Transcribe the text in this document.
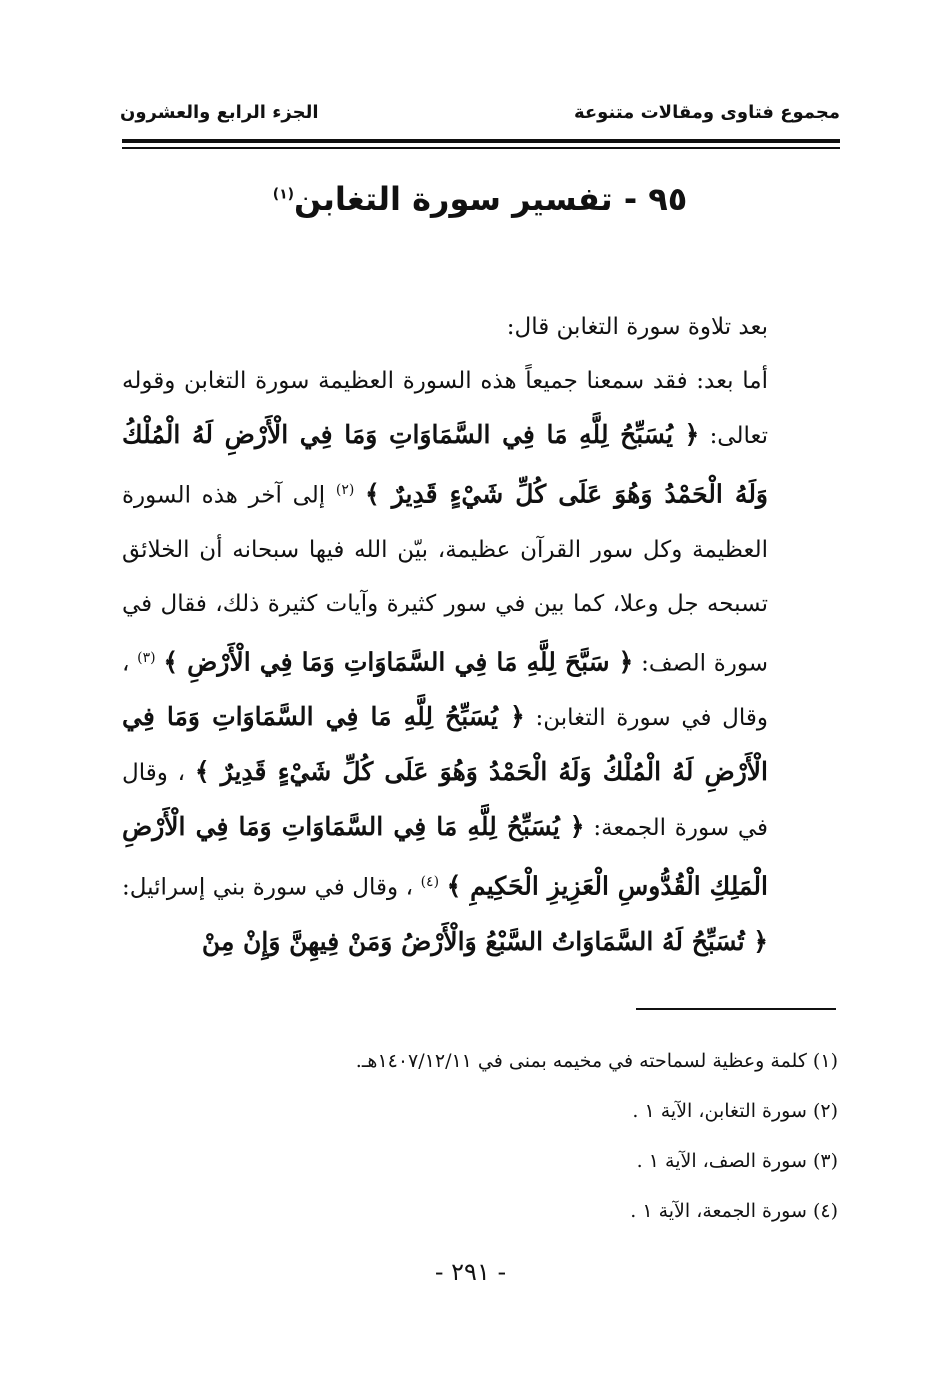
مجموع فتاوى ومقالات متنوعة
الجزء الرابع والعشرون
٩٥ - تفسير سورة التغابن$^{(١)}$

بعد تلاوة سورة التغابن قال:

أما بعد: فقد سمعنا جميعاً هذه السورة العظيمة سورة التغابن وقوله تعالى: ﴿ يُسَبِّحُ لِلَّهِ مَا فِي السَّمَاوَاتِ وَمَا فِي الْأَرْضِ لَهُ الْمُلْكُ وَلَهُ الْحَمْدُ وَهُوَ عَلَى كُلِّ شَيْءٍ قَدِيرٌ ﴾ $^{(٢)}$ إلى آخر هذه السورة العظيمة وكل سور القرآن عظيمة، بيّن الله فيها سبحانه أن الخلائق تسبحه جل وعلا، كما بين في سور كثيرة وآيات كثيرة ذلك، فقال في سورة الصف: ﴿ سَبَّحَ لِلَّهِ مَا فِي السَّمَاوَاتِ وَمَا فِي الْأَرْضِ ﴾ $^{(٣)}$ ، وقال في سورة التغابن: ﴿ يُسَبِّحُ لِلَّهِ مَا فِي السَّمَاوَاتِ وَمَا فِي الْأَرْضِ لَهُ الْمُلْكُ وَلَهُ الْحَمْدُ وَهُوَ عَلَى كُلِّ شَيْءٍ قَدِيرٌ ﴾ ، وقال في سورة الجمعة: ﴿ يُسَبِّحُ لِلَّهِ مَا فِي السَّمَاوَاتِ وَمَا فِي الْأَرْضِ الْمَلِكِ الْقُدُّوسِ الْعَزِيزِ الْحَكِيمِ ﴾ $^{(٤)}$ ، وقال في سورة بني إسرائيل: ﴿ تُسَبِّحُ لَهُ السَّمَاوَاتُ السَّبْعُ وَالْأَرْضُ وَمَنْ فِيهِنَّ وَإِنْ مِنْ

(١) كلمة وعظية لسماحته في مخيمه بمنى في ١٤٠٧/١٢/١١هـ.
(٢) سورة التغابن، الآية ١ .
(٣) سورة الصف، الآية ١ .
(٤) سورة الجمعة، الآية ١ .
- ٢٩١ -
